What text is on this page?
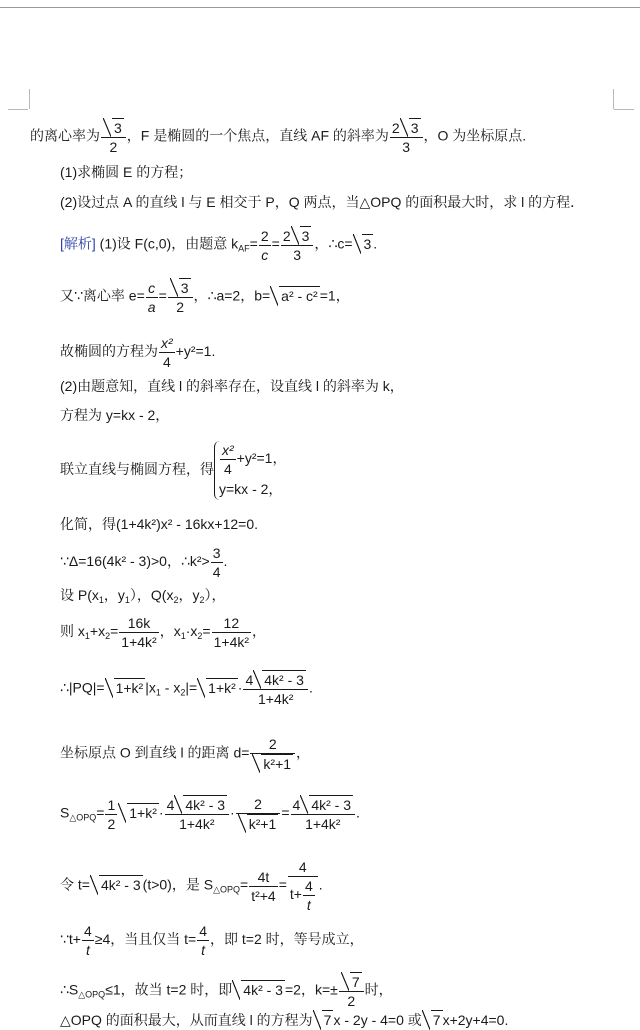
的离心率为 $\frac{3}{2}$ ，F 是椭圆的一个焦点，直线 AF 的斜率为 $\frac{2 3}{3}$ ，O 为坐标原点.
(1)求椭圆 E 的方程；
(2)设过点 A 的直线 l 与 E 相交于 P，Q 两点，当△OPQ 的面积最大时，求 l 的方程．
[解析] (1)设 F(c,0)，由题意 $k_{AF}= \frac{2}{c} = \frac{2 3}{3}$ ，∴c= 3 .
又∵离心率 $e= \frac{c}{a} = \frac{3}{2}$ ，∴a=2，b= a² - c² =1，
故椭圆的方程为 $\frac{\text{x²}}{4} +y^2=1$.
(2)由题意知，直线 l 的斜率存在，设直线 l 的斜率为 k，
方程为 y=kx - 2，
联立直线与椭圆方程，得 $\frac{\text{x²}}{4} +y^2=1$，
y=kx - 2，
化简，得(1+4k²)x² - 16kx+12=0.
∵Δ=16(4k² - 3)>0，∴k²> $\frac{3}{4}$ .
设 $P(x_1$，$y_1$），$Q(x_2$，$y_2$），
则 $x_1+x_2= \frac{16k}{\text{1+4k²}}$ ，$x_1\cdot x_2= \frac{12}{\text{1+4k²}}$ ，
∴|PQ|= 1+k² $|x_1 - x_2|= 1+k^2 \cdot \frac{\text{4 4k² - 3}}{\text{1+4k²}}$ .
坐标原点 O 到直线 l 的距离 $d= \frac{2}{\text{k²+1}}$ ，
$S_{\triangle OPQ}= \frac{1}{2} 1+k^2 \cdot \frac{\text{4 4k² - 3}}{\text{1+4k²}} \cdot \frac{2}{\text{k²+1}} = \frac{\text{4 4k² - 3}}{\text{1+4k²}}$ .
令 t= 4k² - 3 (t>0)，是 $S_{\triangle OPQ}= \frac{4t}{\text{t²+4}} = \frac{4}{t+ \frac{4}{t}}$ .
∵t+ $\frac{4}{t} \ge 4$，当且仅当 $t= \frac{4}{t}$ ，即 t=2 时，等号成立，
$\therefore S_{\triangle OPQ}\le 1$，故当 t=2 时，即 4k² - 3 =2，$k=\pm \frac{7}{2}$ 时，
△OPQ 的面积最大，从而直线 l 的方程为 7 x - 2y - 4=0 或 7 x+2y+4=0.
